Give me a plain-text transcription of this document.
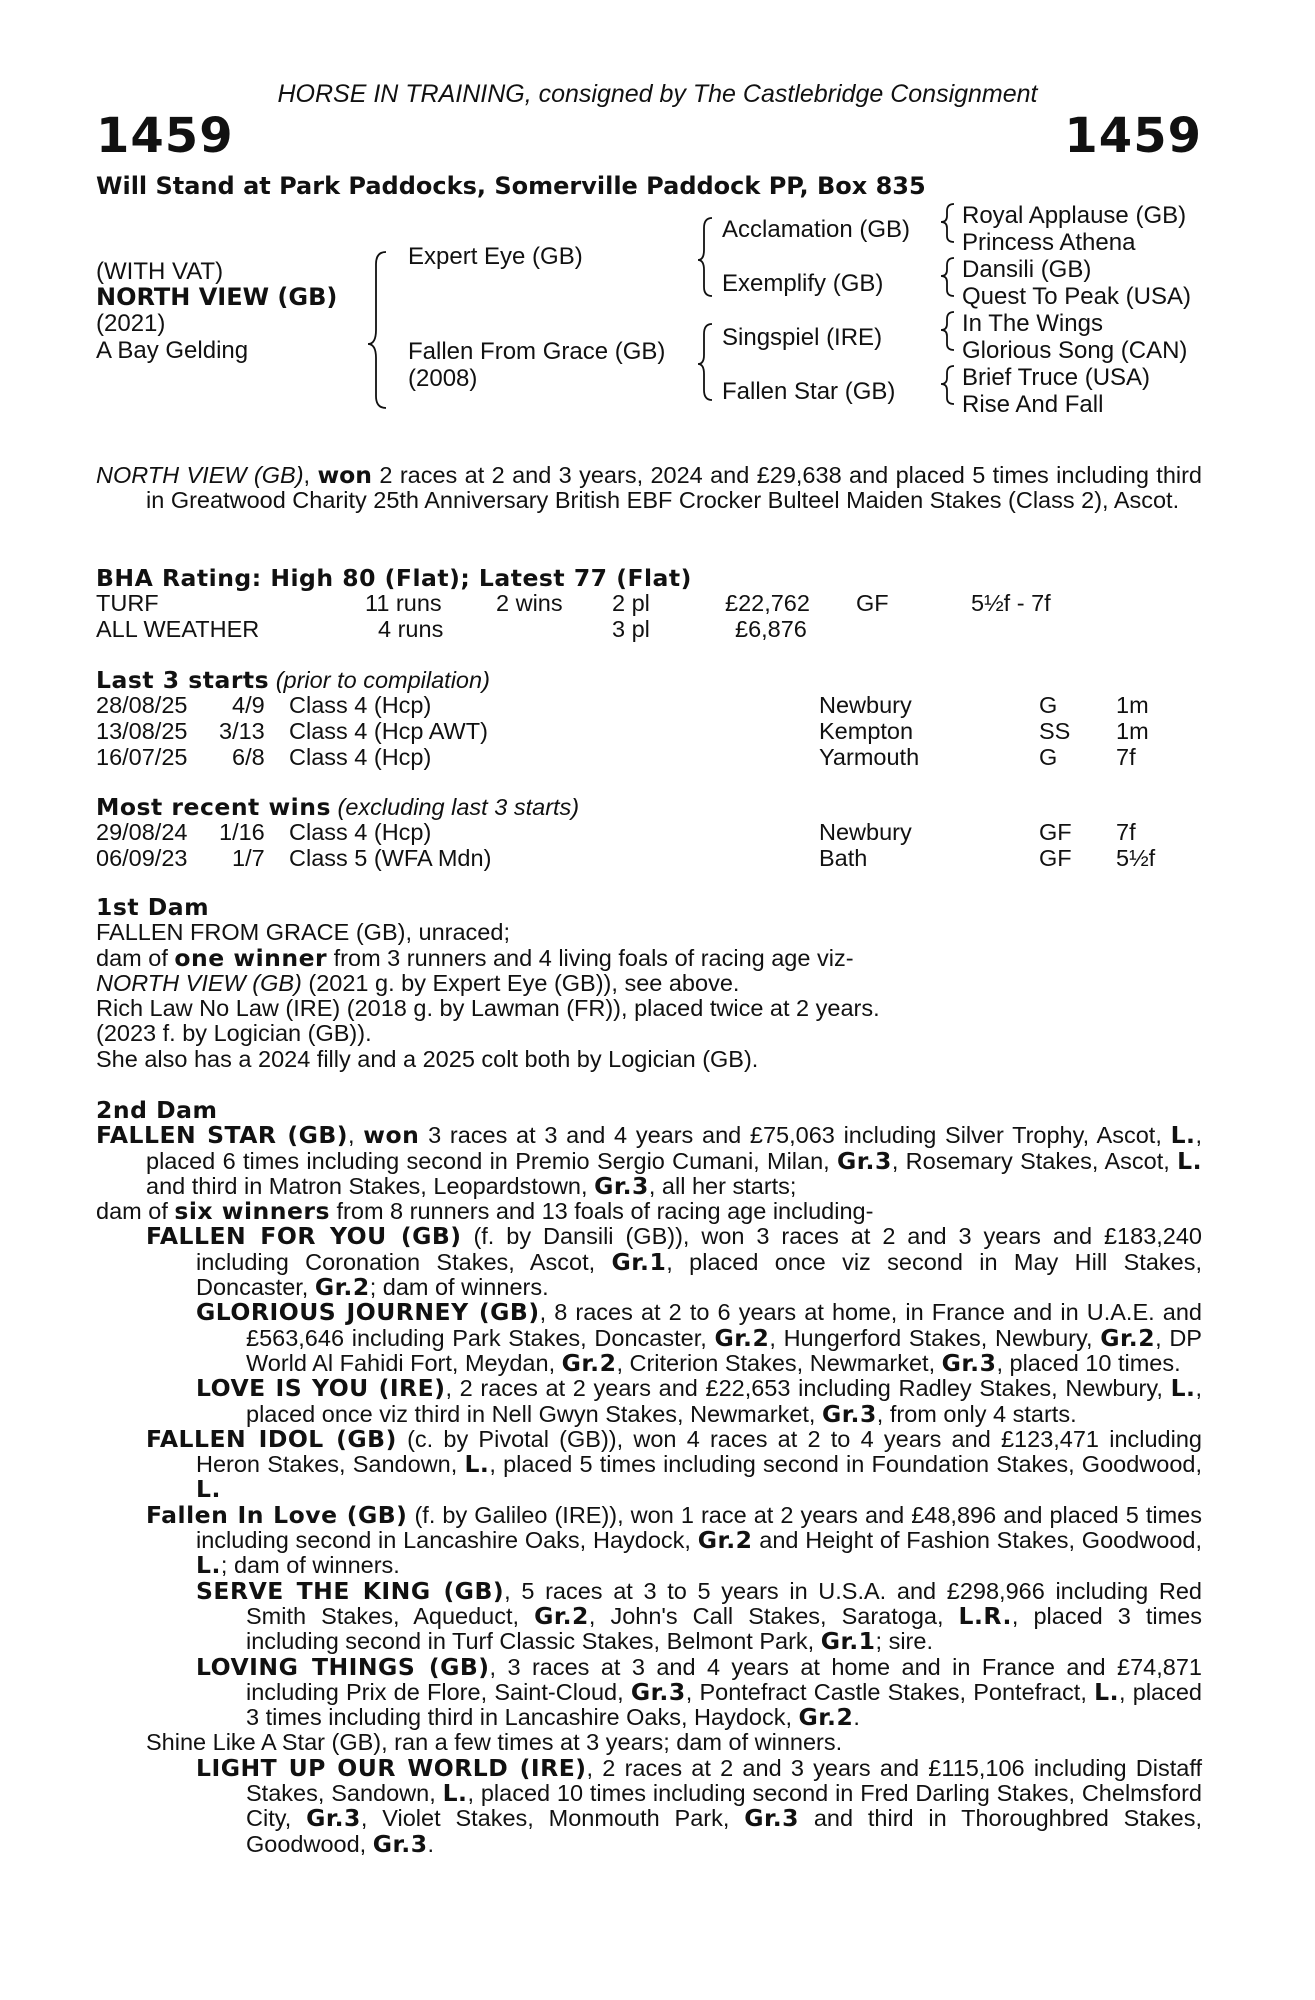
HORSE IN TRAINING, consigned by The Castlebridge Consignment
1459	1459
Will Stand at Park Paddocks, Somerville Paddock PP, Box 835
(WITH VAT)
NORTH VIEW (GB)
(2021)
A Bay Gelding
Expert Eye (GB)
Fallen From Grace (GB)
(2008)
Acclamation (GB)
Exemplify (GB)
Singspiel (IRE)
Fallen Star (GB)
Royal Applause (GB)
Princess Athena
Dansili (GB)
Quest To Peak (USA)
In The Wings
Glorious Song (CAN)
Brief Truce (USA)
Rise And Fall

NORTH VIEW (GB), won 2 races at 2 and 3 years, 2024 and £29,638 and placed 5 times including third in Greatwood Charity 25th Anniversary British EBF Crocker Bulteel Maiden Stakes (Class 2), Ascot.

BHA Rating: High 80 (Flat); Latest 77 (Flat)
TURF	11 runs 2 wins 2 pl	£22,762 GF	5½f - 7f
ALL WEATHER	4 runs	3 pl	£6,876
Last 3 starts (prior to compilation)
28/08/25 4/9 Class 4 (Hcp)	Newbury	G 1m
13/08/25 3/13 Class 4 (Hcp AWT)	Kempton	SS 1m
16/07/25 6/8 Class 4 (Hcp)	Yarmouth	G 7f
Most recent wins (excluding last 3 starts)
29/08/24 1/16 Class 4 (Hcp)	Newbury	GF 7f
06/09/23 1/7 Class 5 (WFA Mdn)	Bath	GF 5½f

1st Dam

FALLEN FROM GRACE (GB), unraced;

dam of one winner from 3 runners and 4 living foals of racing age viz-

NORTH VIEW (GB) (2021 g. by Expert Eye (GB)), see above.

Rich Law No Law (IRE) (2018 g. by Lawman (FR)), placed twice at 2 years.

(2023 f. by Logician (GB)).

She also has a 2024 filly and a 2025 colt both by Logician (GB).

2nd Dam

FALLEN STAR (GB), won 3 races at 3 and 4 years and £75,063 including Silver Trophy, Ascot, L., placed 6 times including second in Premio Sergio Cumani, Milan, Gr.3, Rosemary Stakes, Ascot, L. and third in Matron Stakes, Leopardstown, Gr.3, all her starts;

dam of six winners from 8 runners and 13 foals of racing age including-

FALLEN FOR YOU (GB) (f. by Dansili (GB)), won 3 races at 2 and 3 years and £183,240 including Coronation Stakes, Ascot, Gr.1, placed once viz second in May Hill Stakes, Doncaster, Gr.2; dam of winners.

GLORIOUS JOURNEY (GB), 8 races at 2 to 6 years at home, in France and in U.A.E. and £563,646 including Park Stakes, Doncaster, Gr.2, Hungerford Stakes, Newbury, Gr.2, DP World Al Fahidi Fort, Meydan, Gr.2, Criterion Stakes, Newmarket, Gr.3, placed 10 times.

LOVE IS YOU (IRE), 2 races at 2 years and £22,653 including Radley Stakes, Newbury, L., placed once viz third in Nell Gwyn Stakes, Newmarket, Gr.3, from only 4 starts.

FALLEN IDOL (GB) (c. by Pivotal (GB)), won 4 races at 2 to 4 years and £123,471 including Heron Stakes, Sandown, L., placed 5 times including second in Foundation Stakes, Goodwood, L.

Fallen In Love (GB) (f. by Galileo (IRE)), won 1 race at 2 years and £48,896 and placed 5 times including second in Lancashire Oaks, Haydock, Gr.2 and Height of Fashion Stakes, Goodwood, L.; dam of winners.

SERVE THE KING (GB), 5 races at 3 to 5 years in U.S.A. and £298,966 including Red Smith Stakes, Aqueduct, Gr.2, John's Call Stakes, Saratoga, L.R., placed 3 times including second in Turf Classic Stakes, Belmont Park, Gr.1; sire.

LOVING THINGS (GB), 3 races at 3 and 4 years at home and in France and £74,871 including Prix de Flore, Saint-Cloud, Gr.3, Pontefract Castle Stakes, Pontefract, L., placed 3 times including third in Lancashire Oaks, Haydock, Gr.2.

Shine Like A Star (GB), ran a few times at 3 years; dam of winners.

LIGHT UP OUR WORLD (IRE), 2 races at 2 and 3 years and £115,106 including Distaff Stakes, Sandown, L., placed 10 times including second in Fred Darling Stakes, Chelmsford City, Gr.3, Violet Stakes, Monmouth Park, Gr.3 and third in Thoroughbred Stakes, Goodwood, Gr.3.
